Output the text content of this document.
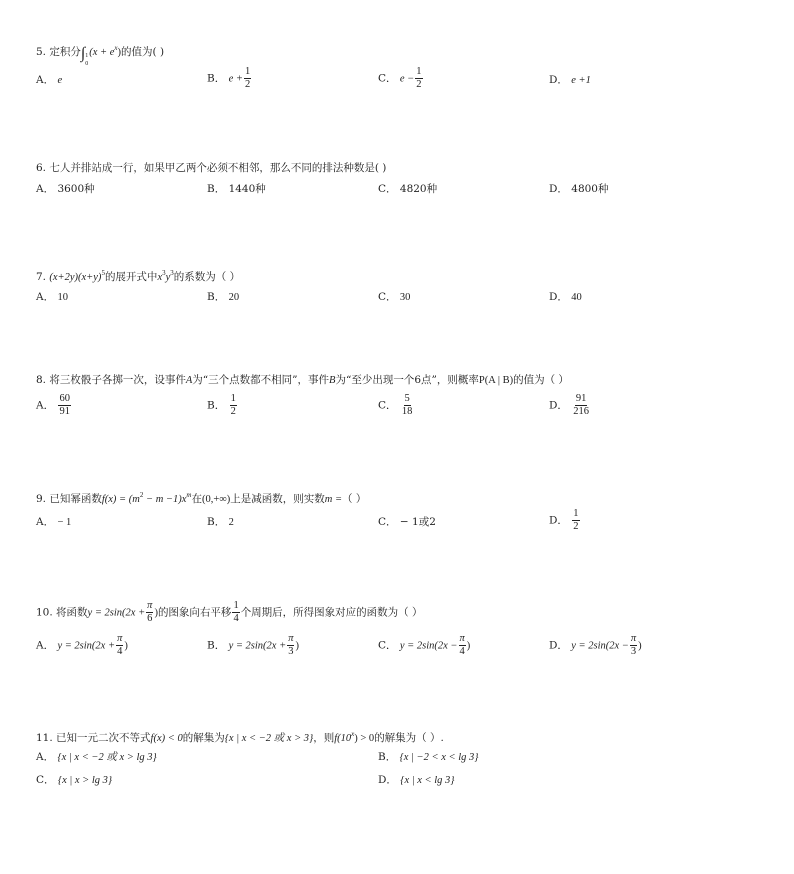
5. 定积分∫ 1
0
$(x + e^x)$的值为( )
A． e	B． $e + \frac{1}{2}$	C． $e - \frac{1}{2}$	D． e +1
6. 七人并排站成一行，如果甲乙两个必须不相邻，那么不同的排法种数是( )
A． 3600种	B． 1440种	C． 4820种	D． 4800种
7. $(x+2y)(x+y)^5$的展开式中$x^3y^3$的系数为（ ）
A． 10	B． 20	C． 30	D． 40
8. 将三枚骰子各掷一次，设事件A为“三个点数都不相同”，事件B为“至少出现一个6点”，则概率P(A | B)的值为（ ）
A． $\frac{60}{91}$	B． $\frac{1}{2}$	C． $\frac{5}{18}$	D． $\frac{91}{216}$
9. 已知幂函数$f(x) = (m^2 - m -1)x^m$在(0,+∞)上是减函数，则实数m =（ ）
A． − 1	B． 2	C． − 1或2	D． $\frac{1}{2}$
10. 将函数$y = 2\sin(2x + \frac{\pi}{6}$ )的图象向右平移 $\frac{1}{4}$ 个周期后，所得图象对应的函数为（ ）
A． $y = 2\sin(2x + \frac{\pi}{4}$ )	B． $y = 2\sin(2x + \frac{\pi}{3}$ )	C． $y = 2\sin(2x - \frac{\pi}{4}$ )	D． $y = 2\sin(2x - \frac{\pi}{3}$ )
11. 已知一元二次不等式f(x) < 0的解集为{x | x < −2 或 x > 3}，则$f(10^x) > 0$的解集为（ ）.
A． {x | x < −2 或 x > lg 3}	B． {x | −2 < x < lg 3}
C． {x | x > lg 3}	D． {x | x < lg 3}
